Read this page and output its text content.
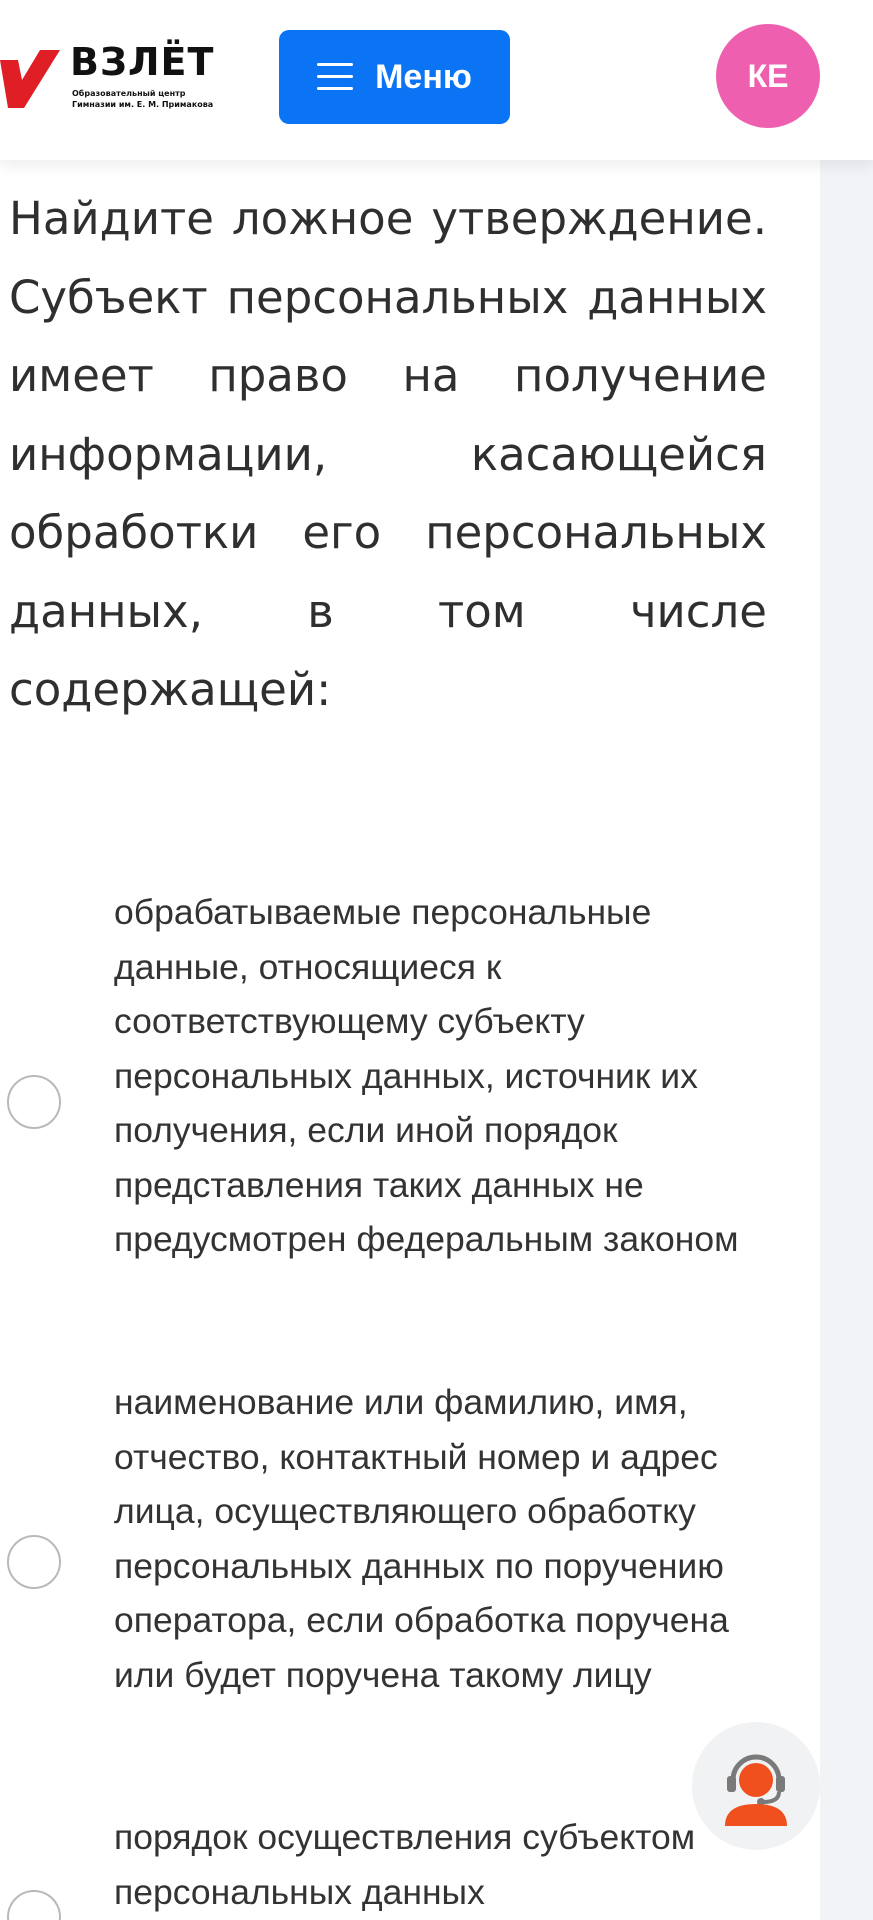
ВЗЛЁТ
Образовательный центр
Гимназии им. Е. М. Примакова
Меню	КЕ
Найдите ложное утверждение. Субъект персональных данных имеет право на получение информации, касающейся обработки его персональных данных, в том числе содержащей:
обрабатываемые персональные данные, относящиеся к соответствующему субъекту персональных данных, источник их получения, если иной порядок представления таких данных не предусмотрен федеральным законом
наименование или фамилию, имя, отчество, контактный номер и адрес лица, осуществляющего обработку персональных данных по поручению оператора, если обработка поручена или будет поручена такому лицу
порядок осуществления субъектом персональных данных
